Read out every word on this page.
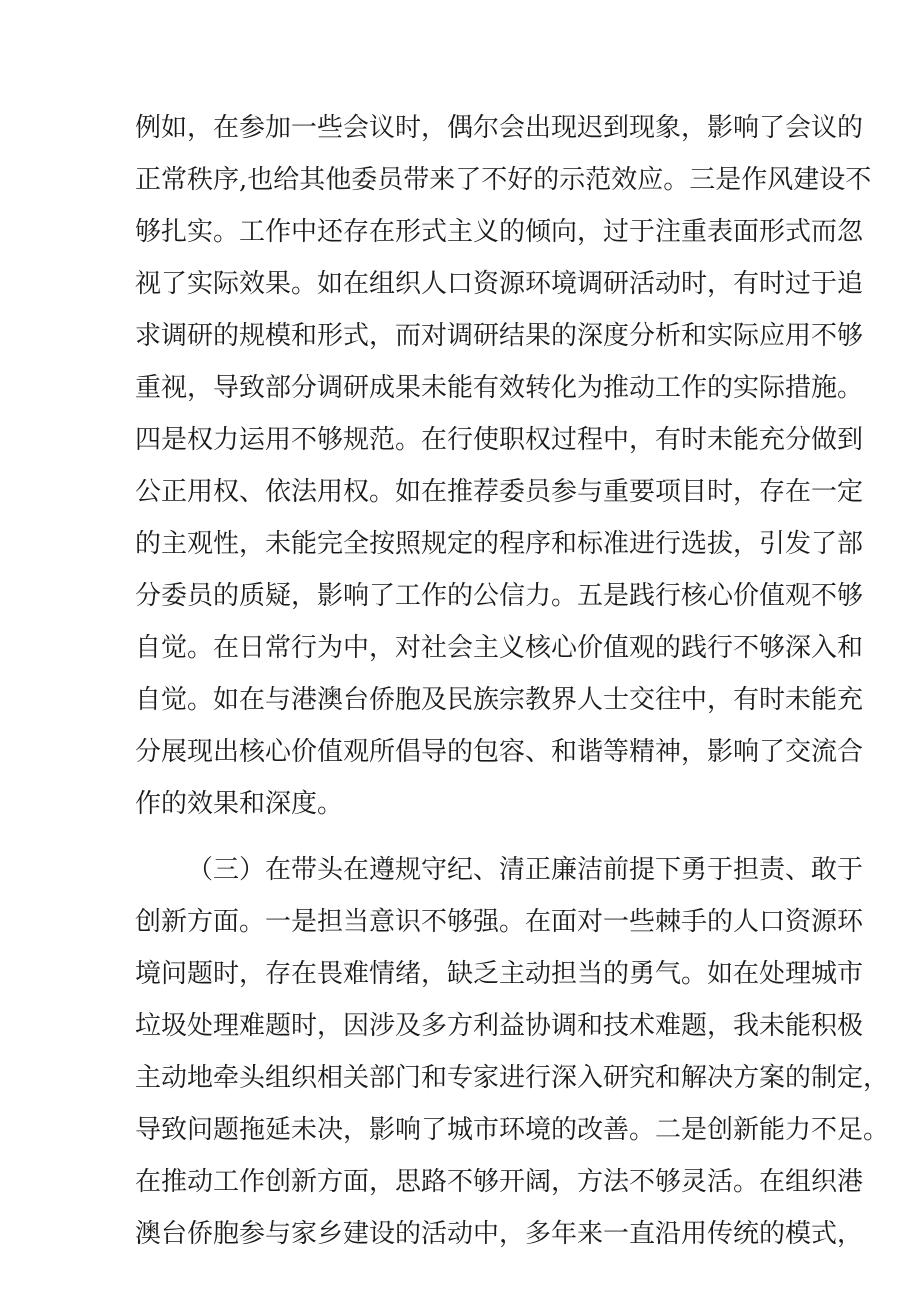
例如，在参加一些会议时，偶尔会出现迟到现象，影响了会议的
正常秩序,也给其他委员带来了不好的示范效应。三是作风建设不
够扎实。工作中还存在形式主义的倾向，过于注重表面形式而忽
视了实际效果。如在组织人口资源环境调研活动时，有时过于追
求调研的规模和形式，而对调研结果的深度分析和实际应用不够
重视，导致部分调研成果未能有效转化为推动工作的实际措施。
四是权力运用不够规范。在行使职权过程中，有时未能充分做到
公正用权、依法用权。如在推荐委员参与重要项目时，存在一定
的主观性，未能完全按照规定的程序和标准进行选拔，引发了部
分委员的质疑，影响了工作的公信力。五是践行核心价值观不够
自觉。在日常行为中，对社会主义核心价值观的践行不够深入和
自觉。如在与港澳台侨胞及民族宗教界人士交往中，有时未能充
分展现出核心价值观所倡导的包容、和谐等精神，影响了交流合
作的效果和深度。
（三）在带头在遵规守纪、清正廉洁前提下勇于担责、敢于
创新方面。一是担当意识不够强。在面对一些棘手的人口资源环
境问题时，存在畏难情绪，缺乏主动担当的勇气。如在处理城市
垃圾处理难题时，因涉及多方利益协调和技术难题，我未能积极
主动地牵头组织相关部门和专家进行深入研究和解决方案的制定，
导致问题拖延未决，影响了城市环境的改善。二是创新能力不足。
在推动工作创新方面，思路不够开阔，方法不够灵活。在组织港
澳台侨胞参与家乡建设的活动中，多年来一直沿用传统的模式，
